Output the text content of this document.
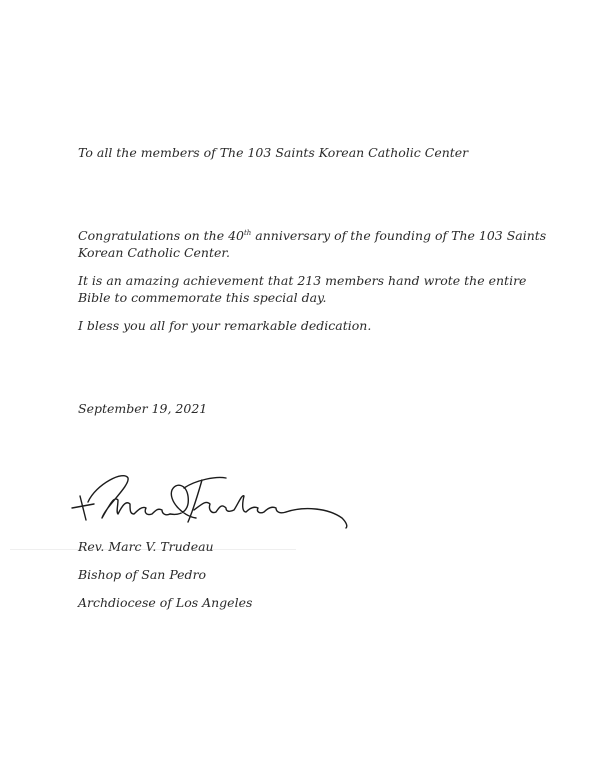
To all the members of The 103 Saints Korean Catholic Center

Congratulations on the 40th anniversary of the founding of The 103 Saints
Korean Catholic Center.
It is an amazing achievement that 213 members hand wrote the entire
Bible to commemorate this special day.

I bless you all for your remarkable dedication.

September 19, 2021

Rev. Marc V. Trudeau

Bishop of San Pedro

Archdiocese of Los Angeles
